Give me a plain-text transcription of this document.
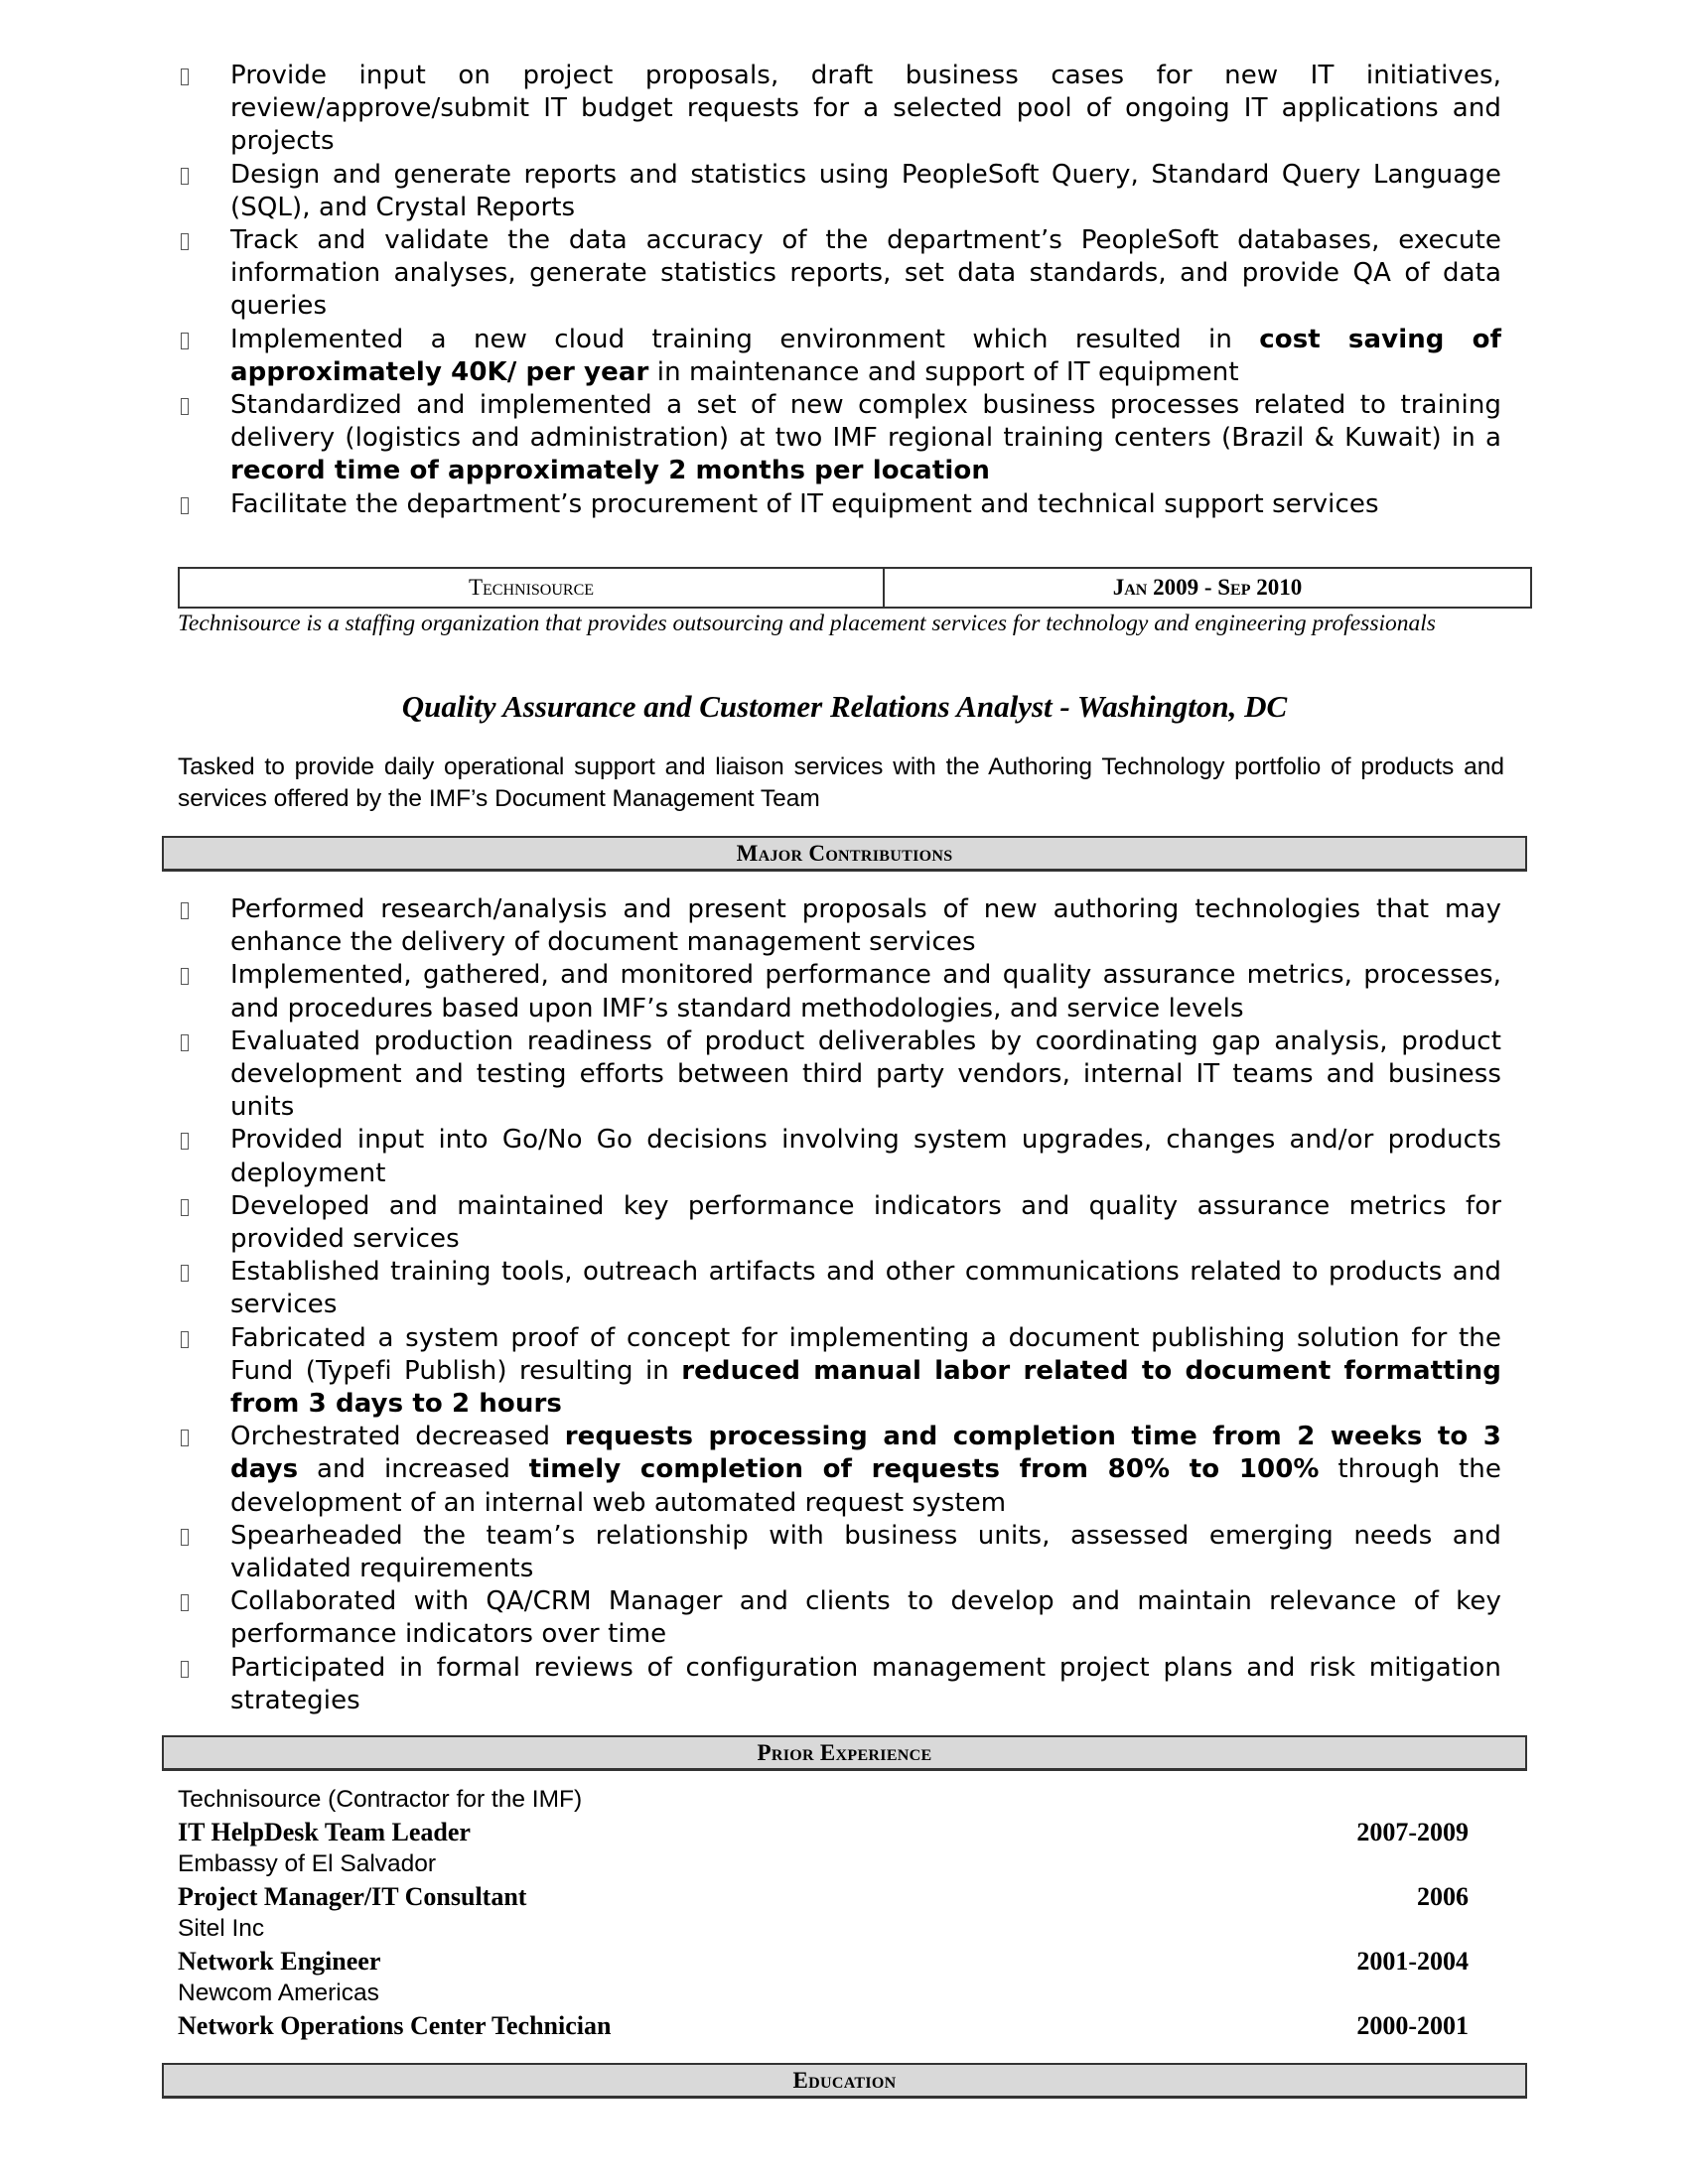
Provide input on project proposals, draft business cases for new IT initiatives, review/approve/submit IT budget requests for a selected pool of ongoing IT applications and projects
Design and generate reports and statistics using PeopleSoft Query, Standard Query Language (SQL), and Crystal Reports
Track and validate the data accuracy of the department’s PeopleSoft databases, execute information analyses, generate statistics reports, set data standards, and provide QA of data queries
Implemented a new cloud training environment which resulted in cost saving of approximately 40K/ per year in maintenance and support of IT equipment
Standardized and implemented a set of new complex business processes related to training delivery (logistics and administration) at two IMF regional training centers (Brazil & Kuwait) in a record time of approximately 2 months per location
Facilitate the department’s procurement of IT equipment and technical support services
Technisource	Jan 2009 - Sep 2010
Technisource is a staffing organization that provides outsourcing and placement services for technology and engineering professionals
Quality Assurance and Customer Relations Analyst - Washington, DC
Tasked to provide daily operational support and liaison services with the Authoring Technology portfolio of products and services offered by the IMF’s Document Management Team
Major Contributions
Performed research/analysis and present proposals of new authoring technologies that may enhance the delivery of document management services
Implemented, gathered, and monitored performance and quality assurance metrics, processes, and procedures based upon IMF’s standard methodologies, and service levels
Evaluated production readiness of product deliverables by coordinating gap analysis, product development and testing efforts between third party vendors, internal IT teams and business units
Provided input into Go/No Go decisions involving system upgrades, changes and/or products deployment
Developed and maintained key performance indicators and quality assurance metrics for provided services
Established training tools, outreach artifacts and other communications related to products and services
Fabricated a system proof of concept for implementing a document publishing solution for the Fund (Typefi Publish) resulting in reduced manual labor related to document formatting from 3 days to 2 hours
Orchestrated decreased requests processing and completion time from 2 weeks to 3 days and increased timely completion of requests from 80% to 100% through the development of an internal web automated request system
Spearheaded the team’s relationship with business units, assessed emerging needs and validated requirements
Collaborated with QA/CRM Manager and clients to develop and maintain relevance of key performance indicators over time
Participated in formal reviews of configuration management project plans and risk mitigation strategies
Prior Experience
Technisource (Contractor for the IMF)
IT HelpDesk Team Leader	2007-2009
Embassy of El Salvador
Project Manager/IT Consultant	2006
Sitel Inc
Network Engineer	2001-2004
Newcom Americas
Network Operations Center Technician	2000-2001
Education
